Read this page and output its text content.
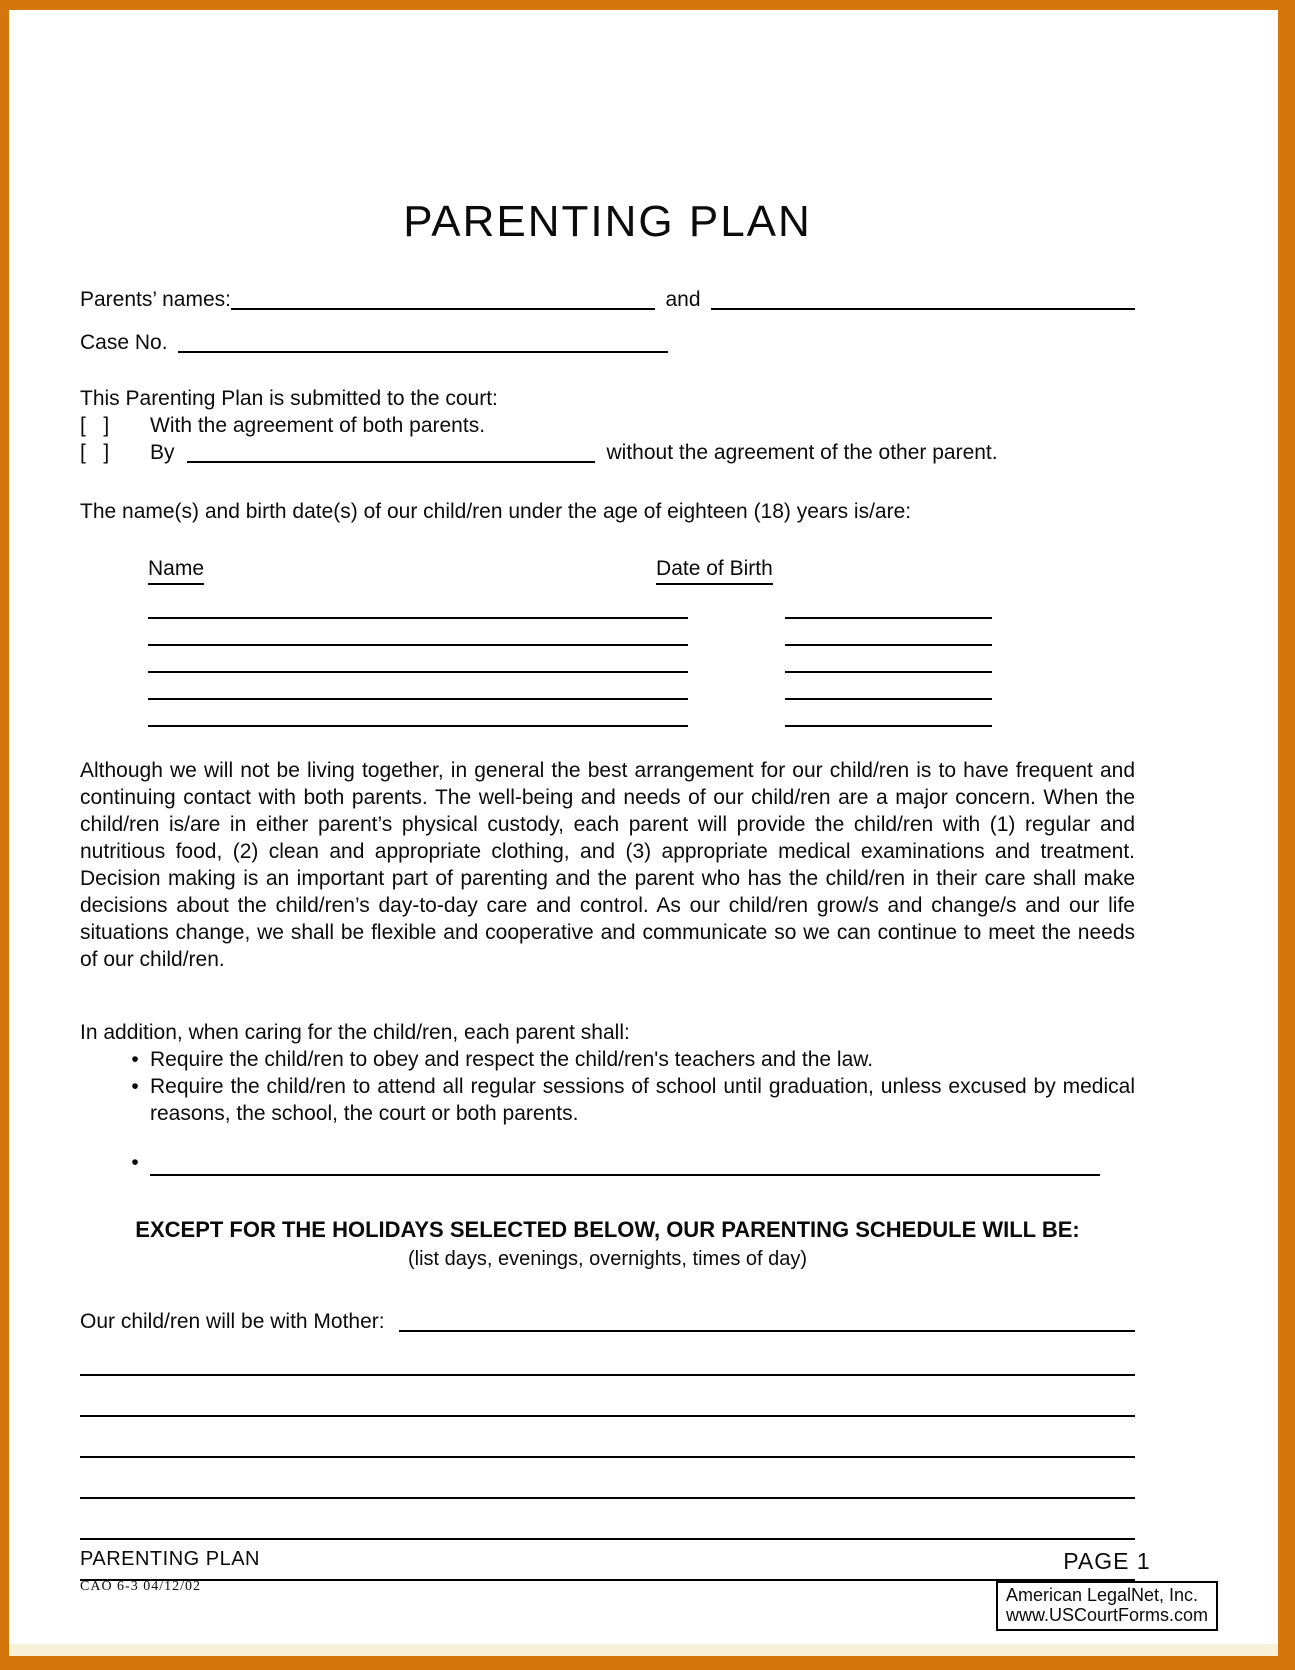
PARENTING PLAN
Parents’ names:	and
Case No.
This Parenting Plan is submitted to the court:
[   ]	With the agreement of both parents.
[   ]	By	without the agreement of the other parent.
The name(s) and birth date(s) of our child/ren under the age of eighteen (18) years is/are:
Name	Date of Birth

Although we will not be living together, in general the best arrangement for our child/ren is to have frequent and continuing contact with both parents. The well-being and needs of our child/ren are a major concern. When the child/ren is/are in either parent’s physical custody, each parent will provide the child/ren with (1) regular and nutritious food, (2) clean and appropriate clothing, and (3) appropriate medical examinations and treatment. Decision making is an important part of parenting and the parent who has the child/ren in their care shall make decisions about the child/ren’s day-to-day care and control. As our child/ren grow/s and change/s and our life situations change, we shall be flexible and cooperative and communicate so we can continue to meet the needs of our child/ren.

In addition, when caring for the child/ren, each parent shall:
• Require the child/ren to obey and respect the child/ren's teachers and the law.
• Require the child/ren to attend all regular sessions of school until graduation, unless excused by medical reasons, the school, the court or both parents.
•
EXCEPT FOR THE HOLIDAYS SELECTED BELOW, OUR PARENTING SCHEDULE WILL BE:
(list days, evenings, overnights, times of day)
Our child/ren will be with Mother:
PARENTING PLAN
CAO 6-3 04/12/02
PAGE 1
American LegalNet, Inc.
www.USCourtForms.com
